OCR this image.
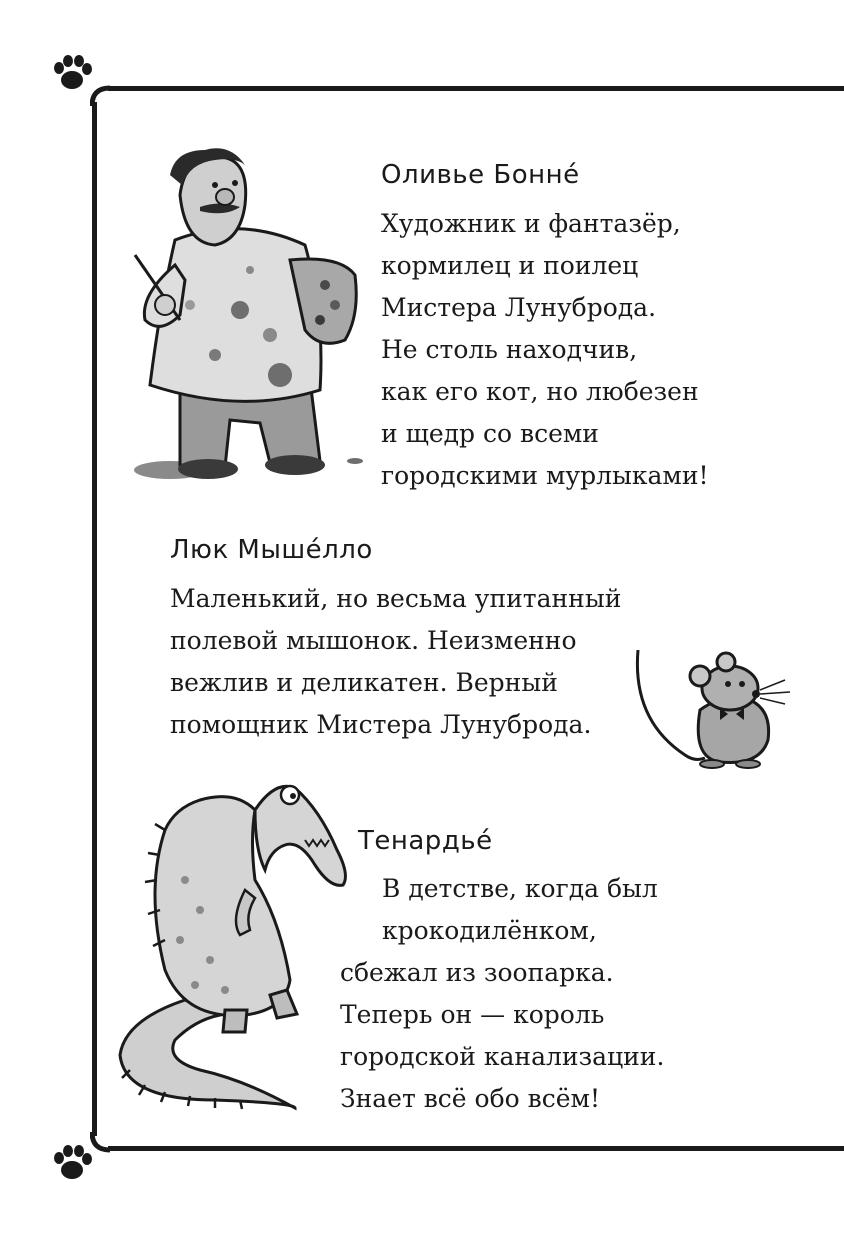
Оливье Бонне́
Художник и фантазёр,
кормилец и поилец
Мистера Лунуброда.
Не столь находчив,
как его кот, но любезен
и щедр со всеми
городскими мурлыками!
Люк Мыше́лло
Маленький, но весьма упитанный
полевой мышонок. Неизменно
вежлив и деликатен. Верный
помощник Мистера Лунуброда.
Тенардье́
В детстве, когда был
крокодилёнком,
сбежал из зоопарка.
Теперь он — король
городской канализации.
Знает всё обо всём!
